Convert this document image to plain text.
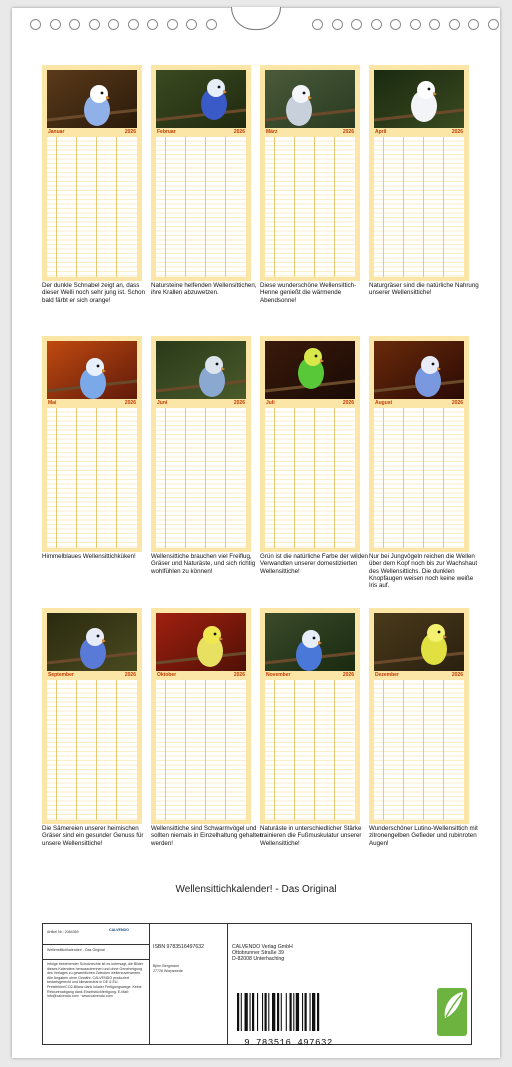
Januar	2026
Der dunkle Schnabel zeigt an, dass dieser Welli noch sehr jung ist. Schon bald färbt er sich orange!
Februar	2026
Natursteine helfenden Wellensittichen, ihre Krallen abzuwetzen.
März	2026
Diese wunderschöne Wellensittich-Henne genießt die wärmende Abendsonne!
April	2026
Naturgräser sind die natürliche Nahrung unserer Wellensittiche!
Mai	2026
Himmelblaues Wellensittichküken!
Juni	2026
Wellensittiche brauchen viel Freiflug, Gräser und Naturäste, und sich richtig wohlfühlen zu können!
Juli	2026
Grün ist die natürliche Farbe der wilden Verwandten unserer domestizierten Wellensittiche!
August	2026
Nur bei Jungvögeln reichen die Wellen über dem Kopf noch bis zur Wachshaut des Wellensittichs. Die dunklen Knopfaugen weisen noch keine weiße Iris auf.
September	2026
Die Sämereien unserer heimischen Gräser sind ein gesunder Genuss für unsere Wellensittiche!
Oktober	2026
Wellensittiche sind Schwarmvögel und sollten niemals in Einzelhaltung gehalten werden!
November	2026
Naturäste in unterschiedlicher Stärke trainieren die Fußmuskulatur unserer Wellensittiche!
Dezember	2026
Wunderschöner Lutino-Wellensittich mit zitronengelben Gefieder und rubinroten Augen!
Wellensittichkalender! - Das Original
Artikel Nr.: 2084369	CALVENDO
Wellensittichkalender! - Das Original
Infolge bestehender Schutzrechte ist es untersagt, die Bilder dieses Kalenders herauszutrennen und ohne Genehmigung des Verlages zu gewerblichen Zwecken weiterzuverwerten. Alle Angaben ohne Gewähr. CALVENDO produziert bedarfsgerecht und klimaneutral in DE & EU. Preisfehler/CO2-Bilanz dank lokaler Fertigungswege. Keine Retourenabgang dank Einzelstückfertigung. E-Mail: info@calvendo.com · www.calvendo.com
ISBN 9783516497632
Björn Bergmann
27726 Worpswede
CALVENDO Verlag GmbH
Ottobrunner Straße 39
D-82008 Unterhaching
9 783516 497632
eco
